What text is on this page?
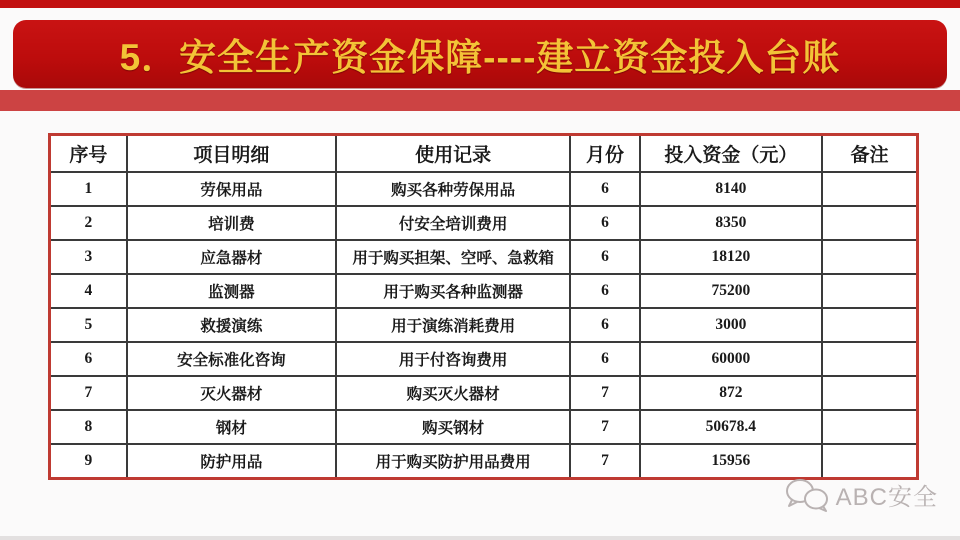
5．安全生产资金保障----建立资金投入台账
序号	项目明细	使用记录	月份	投入资金（元）	备注
1	劳保用品	购买各种劳保用品	6	8140	
2	培训费	付安全培训费用	6	8350	
3	应急器材	用于购买担架、空呼、急救箱	6	18120	
4	监测器	用于购买各种监测器	6	75200	
5	救援演练	用于演练消耗费用	6	3000	
6	安全标准化咨询	用于付咨询费用	6	60000	
7	灭火器材	购买灭火器材	7	872	
8	钢材	购买钢材	7	50678.4	
9	防护用品	用于购买防护用品费用	7	15956	
ABC安全
